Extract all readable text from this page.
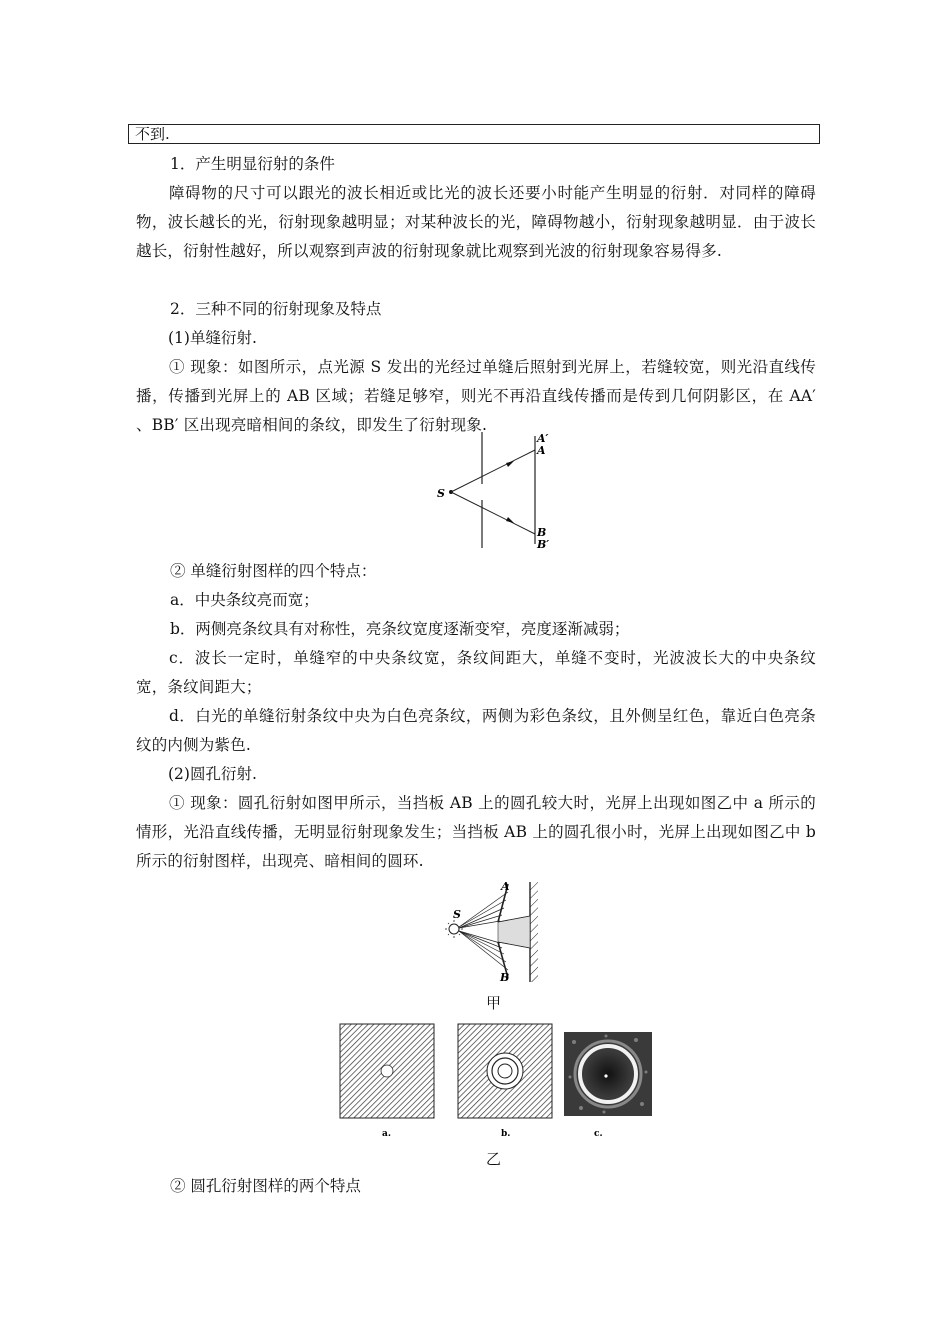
不到.
1．产生明显衍射的条件
障碍物的尺寸可以跟光的波长相近或比光的波长还要小时能产生明显的衍射．对同样的障碍物，波长越长的光，衍射现象越明显；对某种波长的光，障碍物越小，衍射现象越明显．由于波长越长，衍射性越好，所以观察到声波的衍射现象就比观察到光波的衍射现象容易得多.
2．三种不同的衍射现象及特点
(1)单缝衍射.
① 现象：如图所示，点光源 S 发出的光经过单缝后照射到光屏上，若缝较宽，则光沿直线传播，传播到光屏上的 AB 区域；若缝足够窄，则光不再沿直线传播而是传到几何阴影区，在 AA′ 、BB′ 区出现亮暗相间的条纹，即发生了衍射现象.
S
A′
A
B
B′
② 单缝衍射图样的四个特点：
a．中央条纹亮而宽；
b．两侧亮条纹具有对称性，亮条纹宽度逐渐变窄，亮度逐渐减弱；
c．波长一定时，单缝窄的中央条纹宽，条纹间距大，单缝不变时，光波波长大的中央条纹宽，条纹间距大；
d．白光的单缝衍射条纹中央为白色亮条纹，两侧为彩色条纹，且外侧呈红色，靠近白色亮条纹的内侧为紫色.
(2)圆孔衍射.
① 现象：圆孔衍射如图甲所示，当挡板 AB 上的圆孔较大时，光屏上出现如图乙中 a 所示的情形，光沿直线传播，无明显衍射现象发生；当挡板 AB 上的圆孔很小时，光屏上出现如图乙中 b 所示的衍射图样，出现亮、暗相间的圆环.
S
A
B
甲
a.	b.	c.
乙
② 圆孔衍射图样的两个特点
